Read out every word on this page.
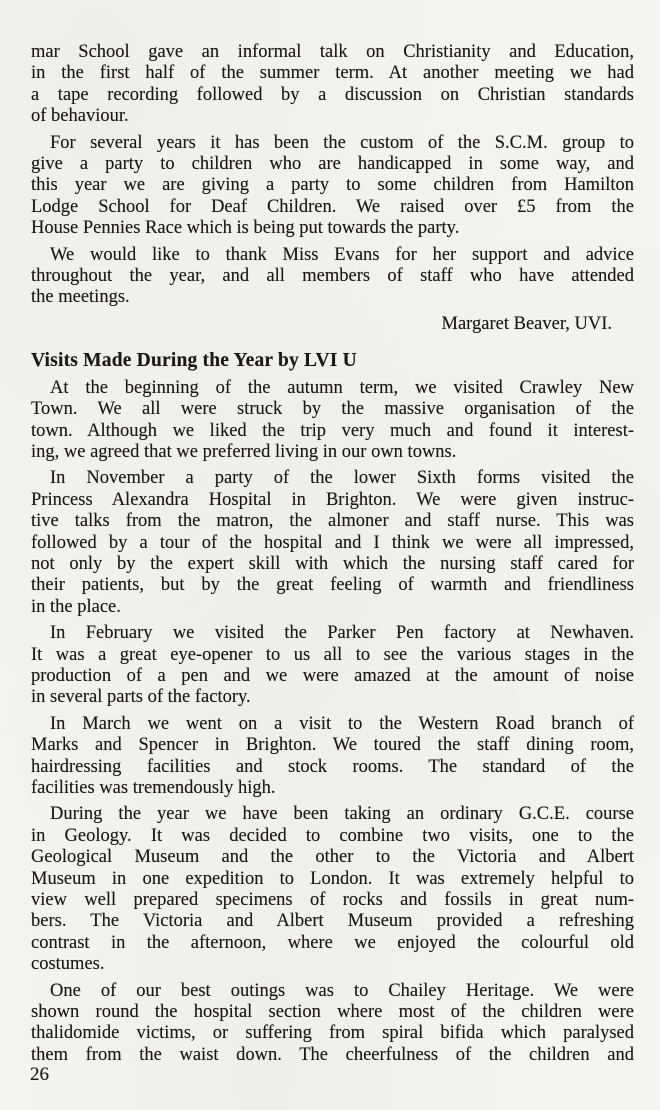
mar School gave an informal talk on Christianity and Education,
in the first half of the summer term. At another meeting we had
a tape recording followed by a discussion on Christian standards
of behaviour.
For several years it has been the custom of the S.C.M. group to
give a party to children who are handicapped in some way, and
this year we are giving a party to some children from Hamilton
Lodge School for Deaf Children. We raised over £5 from the
House Pennies Race which is being put towards the party.
We would like to thank Miss Evans for her support and advice
throughout the year, and all members of staff who have attended
the meetings.
Margaret Beaver, UVI.
Visits Made During the Year by LVI U
At the beginning of the autumn term, we visited Crawley New
Town. We all were struck by the massive organisation of the
town. Although we liked the trip very much and found it interest-
ing, we agreed that we preferred living in our own towns.
In November a party of the lower Sixth forms visited the
Princess Alexandra Hospital in Brighton. We were given instruc-
tive talks from the matron, the almoner and staff nurse. This was
followed by a tour of the hospital and I think we were all impressed,
not only by the expert skill with which the nursing staff cared for
their patients, but by the great feeling of warmth and friendliness
in the place.
In February we visited the Parker Pen factory at Newhaven.
It was a great eye-opener to us all to see the various stages in the
production of a pen and we were amazed at the amount of noise
in several parts of the factory.
In March we went on a visit to the Western Road branch of
Marks and Spencer in Brighton. We toured the staff dining room,
hairdressing facilities and stock rooms. The standard of the
facilities was tremendously high.
During the year we have been taking an ordinary G.C.E. course
in Geology. It was decided to combine two visits, one to the
Geological Museum and the other to the Victoria and Albert
Museum in one expedition to London. It was extremely helpful to
view well prepared specimens of rocks and fossils in great num-
bers. The Victoria and Albert Museum provided a refreshing
contrast in the afternoon, where we enjoyed the colourful old
costumes.
One of our best outings was to Chailey Heritage. We were
shown round the hospital section where most of the children were
thalidomide victims, or suffering from spiral bifida which paralysed
them from the waist down. The cheerfulness of the children and
26
